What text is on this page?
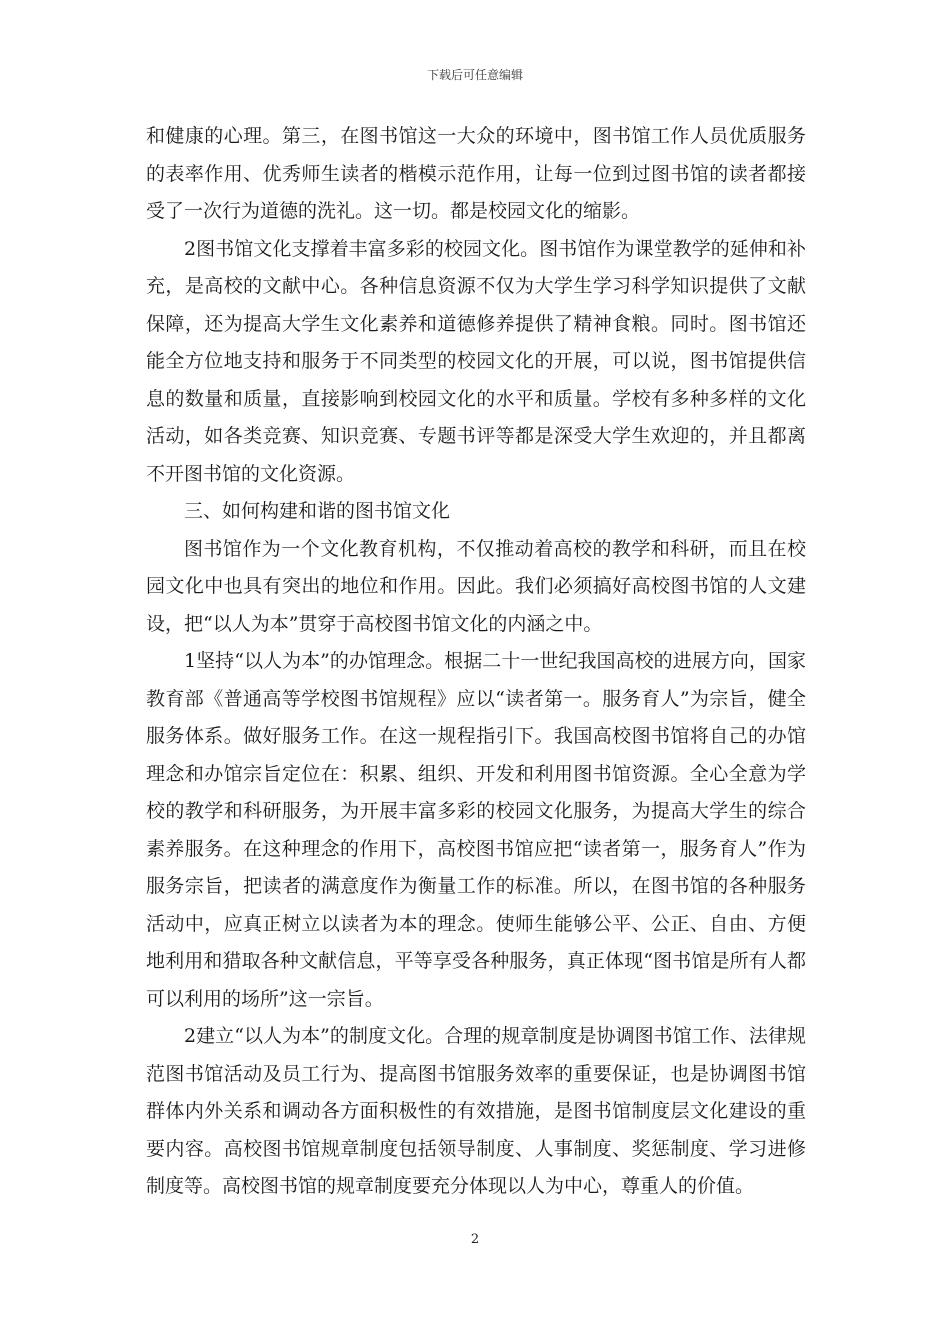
下载后可任意编辑

和健康的心理。第三，在图书馆这一大众的环境中，图书馆工作人员优质服务的表率作用、优秀师生读者的楷模示范作用，让每一位到过图书馆的读者都接受了一次行为道德的洗礼。这一切。都是校园文化的缩影。

2图书馆文化支撑着丰富多彩的校园文化。图书馆作为课堂教学的延伸和补充，是高校的文献中心。各种信息资源不仅为大学生学习科学知识提供了文献保障，还为提高大学生文化素养和道德修养提供了精神食粮。同时。图书馆还能全方位地支持和服务于不同类型的校园文化的开展，可以说，图书馆提供信息的数量和质量，直接影响到校园文化的水平和质量。学校有多种多样的文化活动，如各类竞赛、知识竞赛、专题书评等都是深受大学生欢迎的，并且都离不开图书馆的文化资源。

三、如何构建和谐的图书馆文化

图书馆作为一个文化教育机构，不仅推动着高校的教学和科研，而且在校园文化中也具有突出的地位和作用。因此。我们必须搞好高校图书馆的人文建设，把“以人为本”贯穿于高校图书馆文化的内涵之中。

1坚持“以人为本”的办馆理念。根据二十一世纪我国高校的进展方向，国家教育部《普通高等学校图书馆规程》应以“读者第一。服务育人”为宗旨，健全服务体系。做好服务工作。在这一规程指引下。我国高校图书馆将自己的办馆理念和办馆宗旨定位在：积累、组织、开发和利用图书馆资源。全心全意为学校的教学和科研服务，为开展丰富多彩的校园文化服务，为提高大学生的综合素养服务。在这种理念的作用下，高校图书馆应把“读者第一，服务育人”作为服务宗旨，把读者的满意度作为衡量工作的标准。所以，在图书馆的各种服务活动中，应真正树立以读者为本的理念。使师生能够公平、公正、自由、方便地利用和猎取各种文献信息，平等享受各种服务，真正体现“图书馆是所有人都可以利用的场所”这一宗旨。

2建立“以人为本”的制度文化。合理的规章制度是协调图书馆工作、法律规范图书馆活动及员工行为、提高图书馆服务效率的重要保证，也是协调图书馆群体内外关系和调动各方面积极性的有效措施，是图书馆制度层文化建设的重要内容。高校图书馆规章制度包括领导制度、人事制度、奖惩制度、学习进修制度等。高校图书馆的规章制度要充分体现以人为中心，尊重人的价值。

2
